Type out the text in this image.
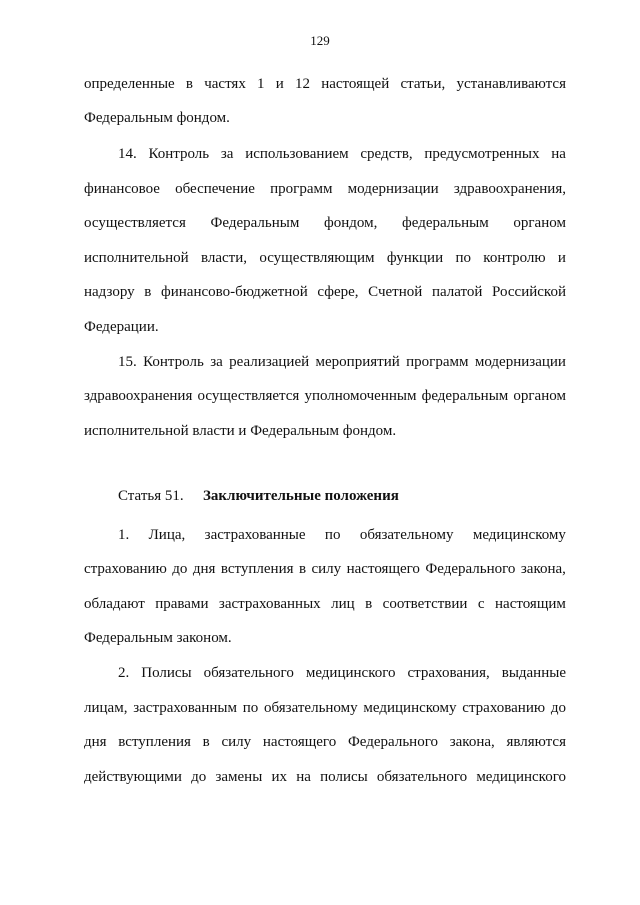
129
определенные в частях 1 и 12 настоящей статьи, устанавливаются
Федеральным фондом.
14. Контроль за использованием средств, предусмотренных на
финансовое обеспечение программ модернизации здравоохранения,
осуществляется Федеральным фондом, федеральным органом
исполнительной власти, осуществляющим функции по контролю и
надзору в финансово-бюджетной сфере, Счетной палатой Российской
Федерации.
15. Контроль за реализацией мероприятий программ модернизации
здравоохранения осуществляется уполномоченным федеральным органом
исполнительной власти и Федеральным фондом.
Статья 51. Заключительные положения
1. Лица, застрахованные по обязательному медицинскому
страхованию до дня вступления в силу настоящего Федерального закона,
обладают правами застрахованных лиц в соответствии с настоящим
Федеральным законом.
2. Полисы обязательного медицинского страхования, выданные
лицам, застрахованным по обязательному медицинскому страхованию до
дня вступления в силу настоящего Федерального закона, являются
действующими до замены их на полисы обязательного медицинского
